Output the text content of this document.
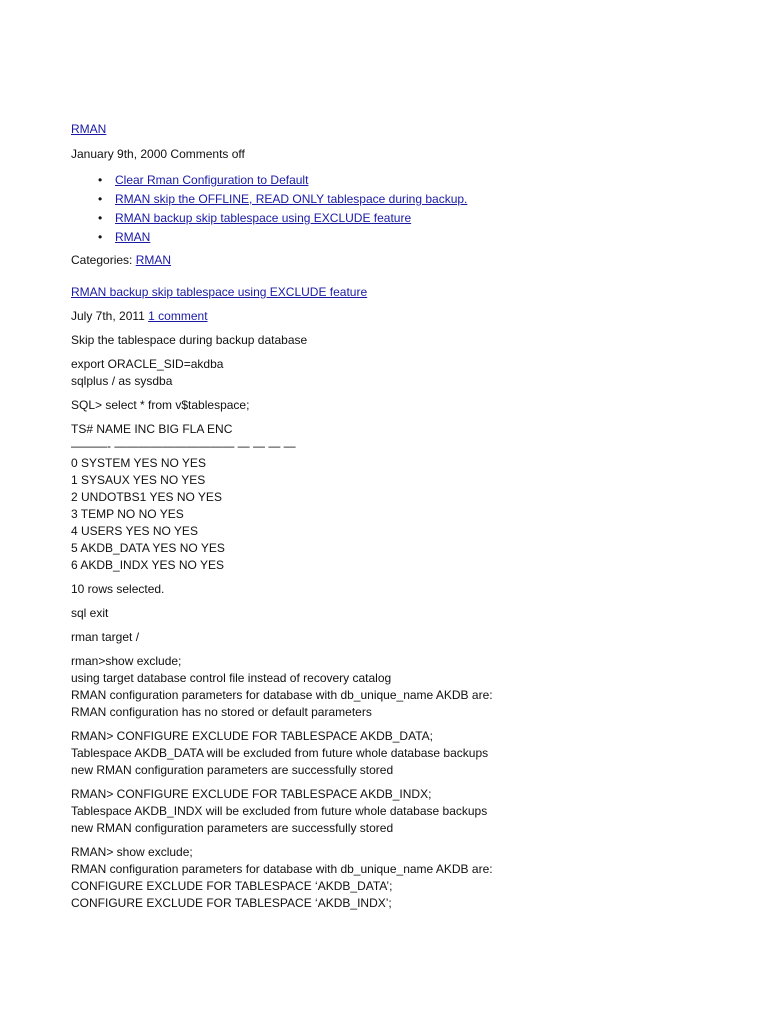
RMAN
January 9th, 2000 Comments off
• Clear Rman Configuration to Default
• RMAN skip the OFFLINE, READ ONLY tablespace during backup.
• RMAN backup skip tablespace using EXCLUDE feature
• RMAN
Categories: RMAN
RMAN backup skip tablespace using EXCLUDE feature
July 7th, 2011 1 comment
Skip the tablespace during backup database
export ORACLE_SID=akdba
sqlplus / as sysdba
SQL> select * from v$tablespace;
TS# NAME INC BIG FLA ENC
———- —————————— — — — —
0 SYSTEM YES NO YES
1 SYSAUX YES NO YES
2 UNDOTBS1 YES NO YES
3 TEMP NO NO YES
4 USERS YES NO YES
5 AKDB_DATA YES NO YES
6 AKDB_INDX YES NO YES
10 rows selected.
sql exit
rman target /
rman>show exclude;
using target database control file instead of recovery catalog
RMAN configuration parameters for database with db_unique_name AKDB are:
RMAN configuration has no stored or default parameters
RMAN> CONFIGURE EXCLUDE FOR TABLESPACE AKDB_DATA;
Tablespace AKDB_DATA will be excluded from future whole database backups
new RMAN configuration parameters are successfully stored
RMAN> CONFIGURE EXCLUDE FOR TABLESPACE AKDB_INDX;
Tablespace AKDB_INDX will be excluded from future whole database backups
new RMAN configuration parameters are successfully stored
RMAN> show exclude;
RMAN configuration parameters for database with db_unique_name AKDB are:
CONFIGURE EXCLUDE FOR TABLESPACE ‘AKDB_DATA’;
CONFIGURE EXCLUDE FOR TABLESPACE ‘AKDB_INDX’;
